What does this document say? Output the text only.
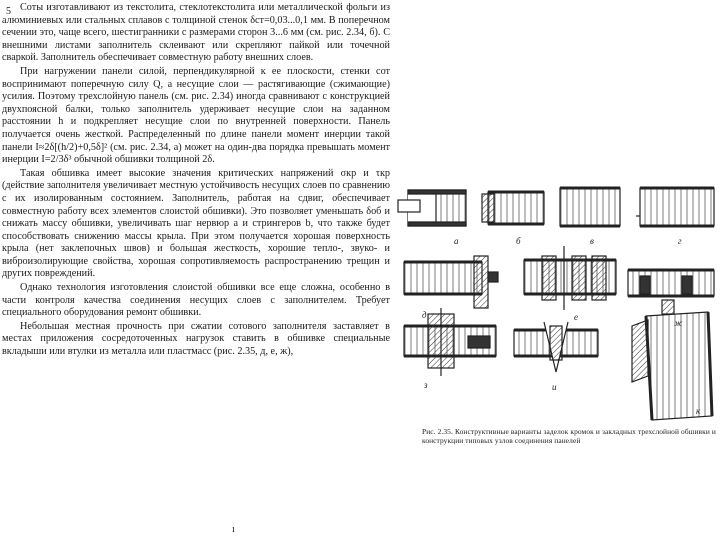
Соты изготавливают из текстолита, стеклотекстолита или металлической фольги из алюминиевых или стальных сплавов с толщиной стенок δст=0,03...0,1 мм. В поперечном сечении это, чаще всего, шестигранники с размерами сторон 3...6 мм (см. рис. 2.34, б). С внешними листами заполнитель склеивают или скрепляют пайкой или точечной сваркой. Заполнитель обеспечивает совместную работу внешних слоев.

При нагружении панели силой, перпендикулярной к ее плоскости, стенки сот воспринимают поперечную силу Q, а несущие слои — растягивающие (сжимающие) усилия. Поэтому трехслойную панель (см. рис. 2.34) иногда сравнивают с конструкцией двухпоясной балки, только заполнитель удерживает несущие слои на заданном расстоянии h и подкрепляет несущие слои по внутренней поверхности. Панель получается очень жесткой. Распределенный по длине панели момент инерции такой панели I≈2δ[(h/2)+0,5δ]² (см. рис. 2.34, а) может на один-два порядка превышать момент инерции I=2/3δ³ обычной обшивки толщиной 2δ.

Такая обшивка имеет высокие значения критических напряжений σкр и τкр (действие заполнителя увеличивает местную устойчивость несущих слоев по сравнению с их изолированным состоянием. Заполнитель, работая на сдвиг, обеспечивает совместную работу всех элементов слоистой обшивки). Это позволяет уменьшать δоб и снижать массу обшивки, увеличивать шаг нервюр a и стрингеров b, что также будет способствовать снижению массы крыла. При этом получается хорошая поверхность крыла (нет заклепочных швов) и большая жесткость, хорошие тепло-, звуко- и виброизолирующие свойства, хорошая сопротивляемость распространению трещин и других повреждений.

Однако технология изготовления слоистой обшивки все еще сложна, особенно в части контроля качества соединения несущих слоев с заполнителем. Требует специального оборудования ремонт обшивки.

Небольшая местная прочность при сжатии сотового заполнителя заставляет в местах приложения сосредоточенных нагрузок ставить в обшивке специальные вкладыши или втулки из металла или пластмасс (рис. 2.35, д, е, ж),

5
ı
а	б	в	г
д	е
ж
з	и
к
Рис. 2.35. Конструктивные варианты заделок кромок и закладных трехслойной обшивки и конструкции типовых узлов соединения панелей
